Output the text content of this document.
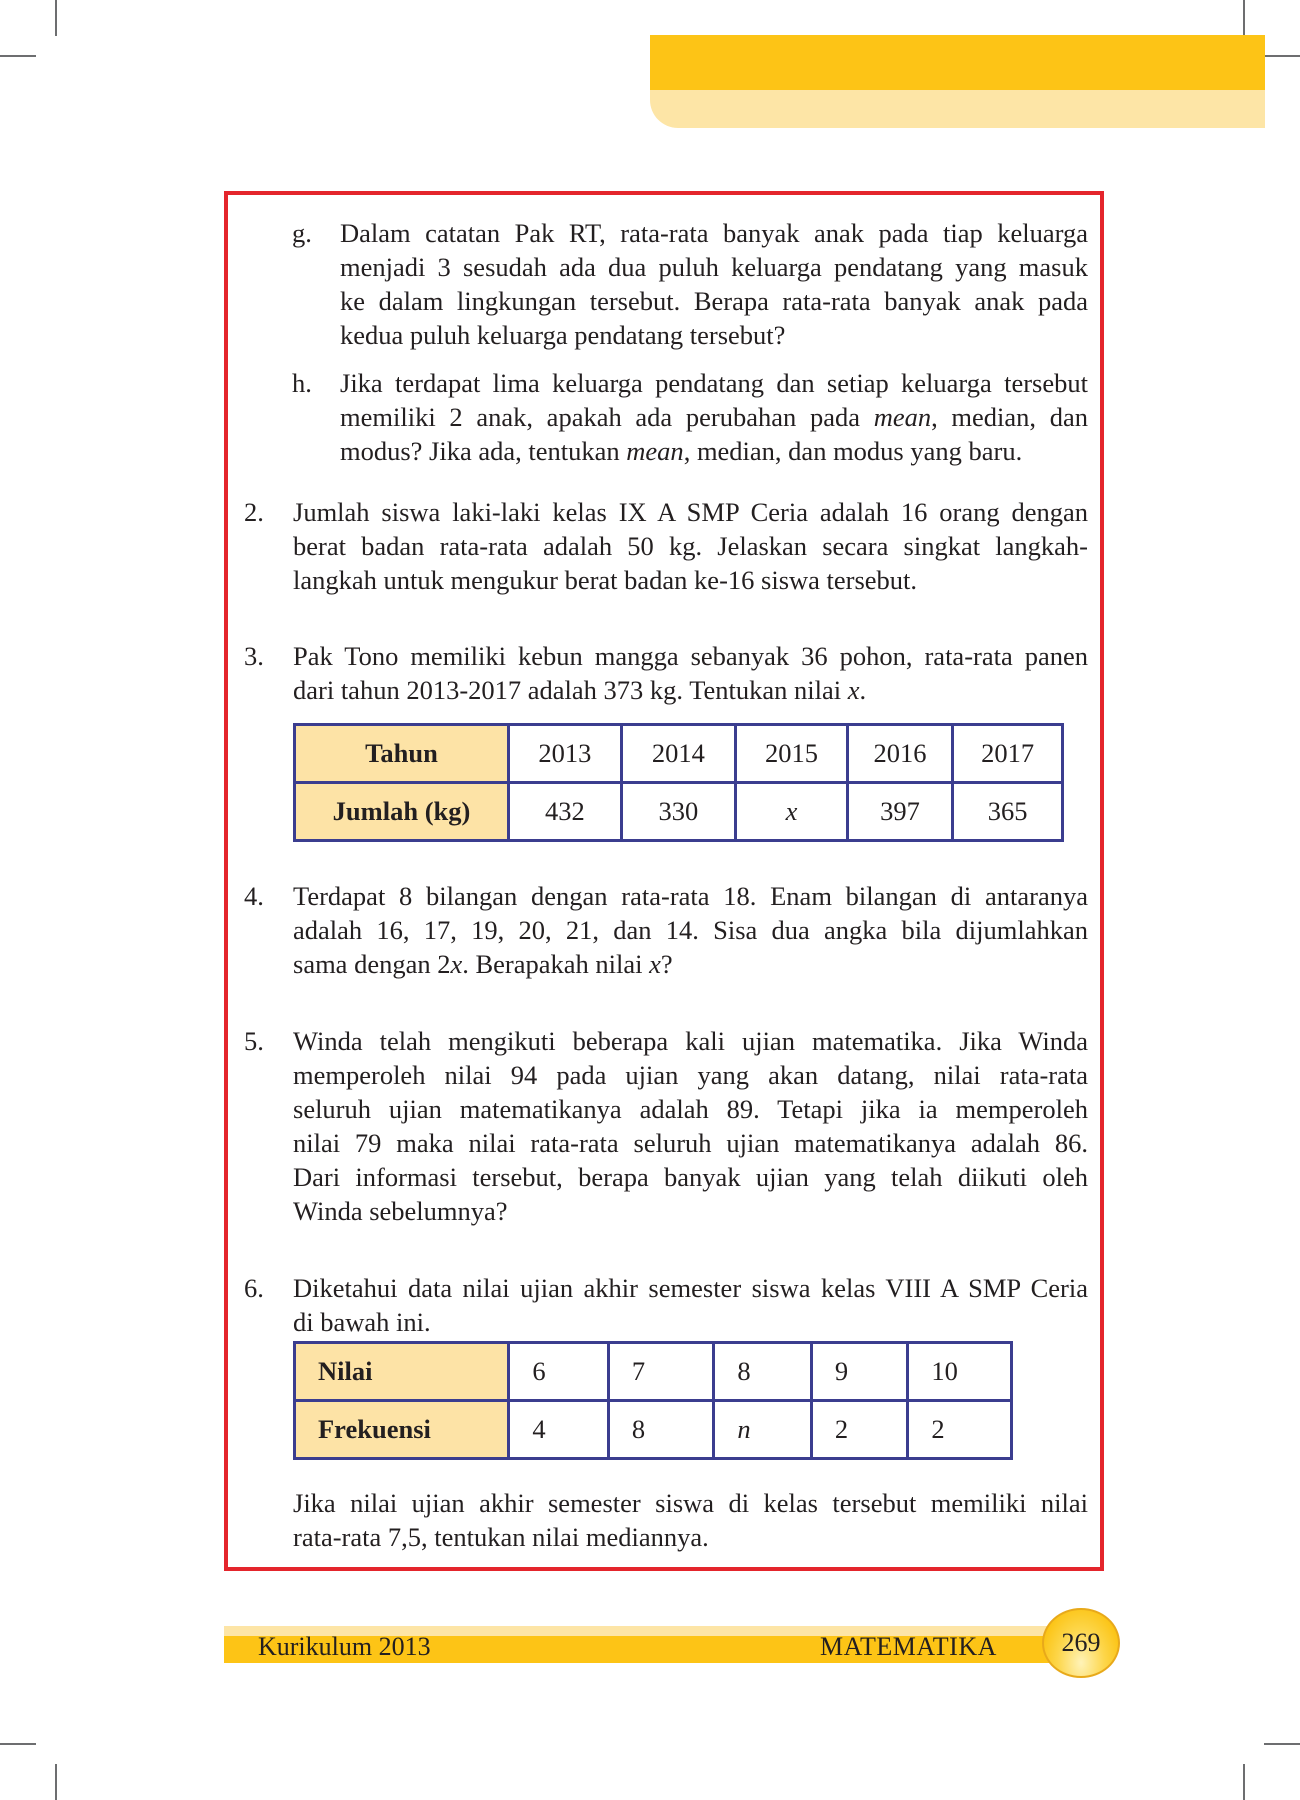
g. Dalam catatan Pak RT, rata-rata banyak anak pada tiap keluarga
menjadi 3 sesudah ada dua puluh keluarga pendatang yang masuk
ke dalam lingkungan tersebut. Berapa rata-rata banyak anak pada
kedua puluh keluarga pendatang tersebut?
h. Jika terdapat lima keluarga pendatang dan setiap keluarga tersebut
memiliki 2 anak, apakah ada perubahan pada mean, median, dan
modus? Jika ada, tentukan mean, median, dan modus yang baru.
2. Jumlah siswa laki-laki kelas IX A SMP Ceria adalah 16 orang dengan
berat badan rata-rata adalah 50 kg. Jelaskan secara singkat langkah-
langkah untuk mengukur berat badan ke-16 siswa tersebut.
3. Pak Tono memiliki kebun mangga sebanyak 36 pohon, rata-rata panen
dari tahun 2013-2017 adalah 373 kg. Tentukan nilai x.
Tahun	2013	2014	2015	2016	2017
Jumlah (kg)	432	330	x	397	365
4. Terdapat 8 bilangan dengan rata-rata 18. Enam bilangan di antaranya
adalah 16, 17, 19, 20, 21, dan 14. Sisa dua angka bila dijumlahkan
sama dengan 2x. Berapakah nilai x?
5. Winda telah mengikuti beberapa kali ujian matematika. Jika Winda
memperoleh nilai 94 pada ujian yang akan datang, nilai rata-rata
seluruh ujian matematikanya adalah 89. Tetapi jika ia memperoleh
nilai 79 maka nilai rata-rata seluruh ujian matematikanya adalah 86.
Dari informasi tersebut, berapa banyak ujian yang telah diikuti oleh
Winda sebelumnya?
6. Diketahui data nilai ujian akhir semester siswa kelas VIII A SMP Ceria
di bawah ini.
Nilai	6	7	8	9	10
Frekuensi	4	8	n	2	2
Jika nilai ujian akhir semester siswa di kelas tersebut memiliki nilai
rata-rata 7,5, tentukan nilai mediannya.
Kurikulum 2013	MATEMATIKA 269
